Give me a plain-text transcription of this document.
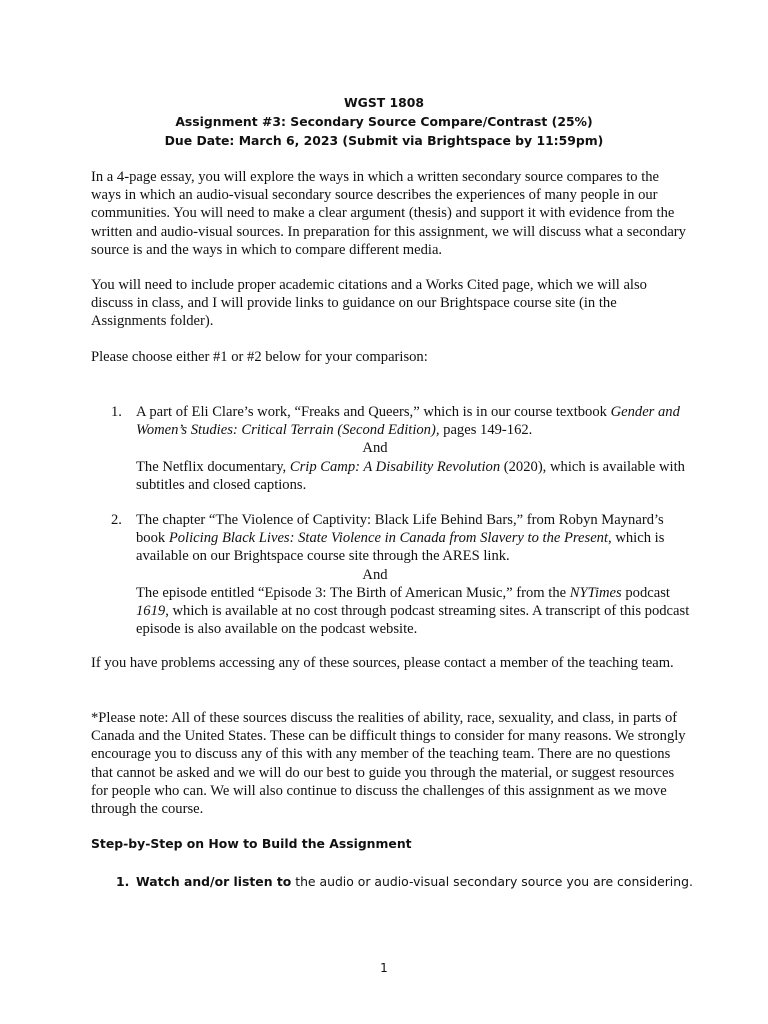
WGST 1808
Assignment #3: Secondary Source Compare/Contrast (25%)
Due Date: March 6, 2023 (Submit via Brightspace by 11:59pm)

In a 4-page essay, you will explore the ways in which a written secondary source compares to the ways in which an audio-visual secondary source describes the experiences of many people in our communities. You will need to make a clear argument (thesis) and support it with evidence from the written and audio-visual sources. In preparation for this assignment, we will discuss what a secondary source is and the ways in which to compare different media.

You will need to include proper academic citations and a Works Cited page, which we will also discuss in class, and I will provide links to guidance on our Brightspace course site (in the Assignments folder).

Please choose either #1 or #2 below for your comparison:

1. A part of Eli Clare’s work, “Freaks and Queers,” which is in our course textbook Gender and Women’s Studies: Critical Terrain (Second Edition), pages 149-162.
And
The Netflix documentary, Crip Camp: A Disability Revolution (2020), which is available with subtitles and closed captions.
2. The chapter “The Violence of Captivity: Black Life Behind Bars,” from Robyn Maynard’s book Policing Black Lives: State Violence in Canada from Slavery to the Present, which is available on our Brightspace course site through the ARES link.
And
The episode entitled “Episode 3: The Birth of American Music,” from the NYTimes podcast 1619, which is available at no cost through podcast streaming sites. A transcript of this podcast episode is also available on the podcast website.

If you have problems accessing any of these sources, please contact a member of the teaching team.

*Please note: All of these sources discuss the realities of ability, race, sexuality, and class, in parts of Canada and the United States. These can be difficult things to consider for many reasons. We strongly encourage you to discuss any of this with any member of the teaching team. There are no questions that cannot be asked and we will do our best to guide you through the material, or suggest resources for people who can. We will also continue to discuss the challenges of this assignment as we move through the course.

Step-by-Step on How to Build the Assignment
1. Watch and/or listen to the audio or audio-visual secondary source you are considering.
1
